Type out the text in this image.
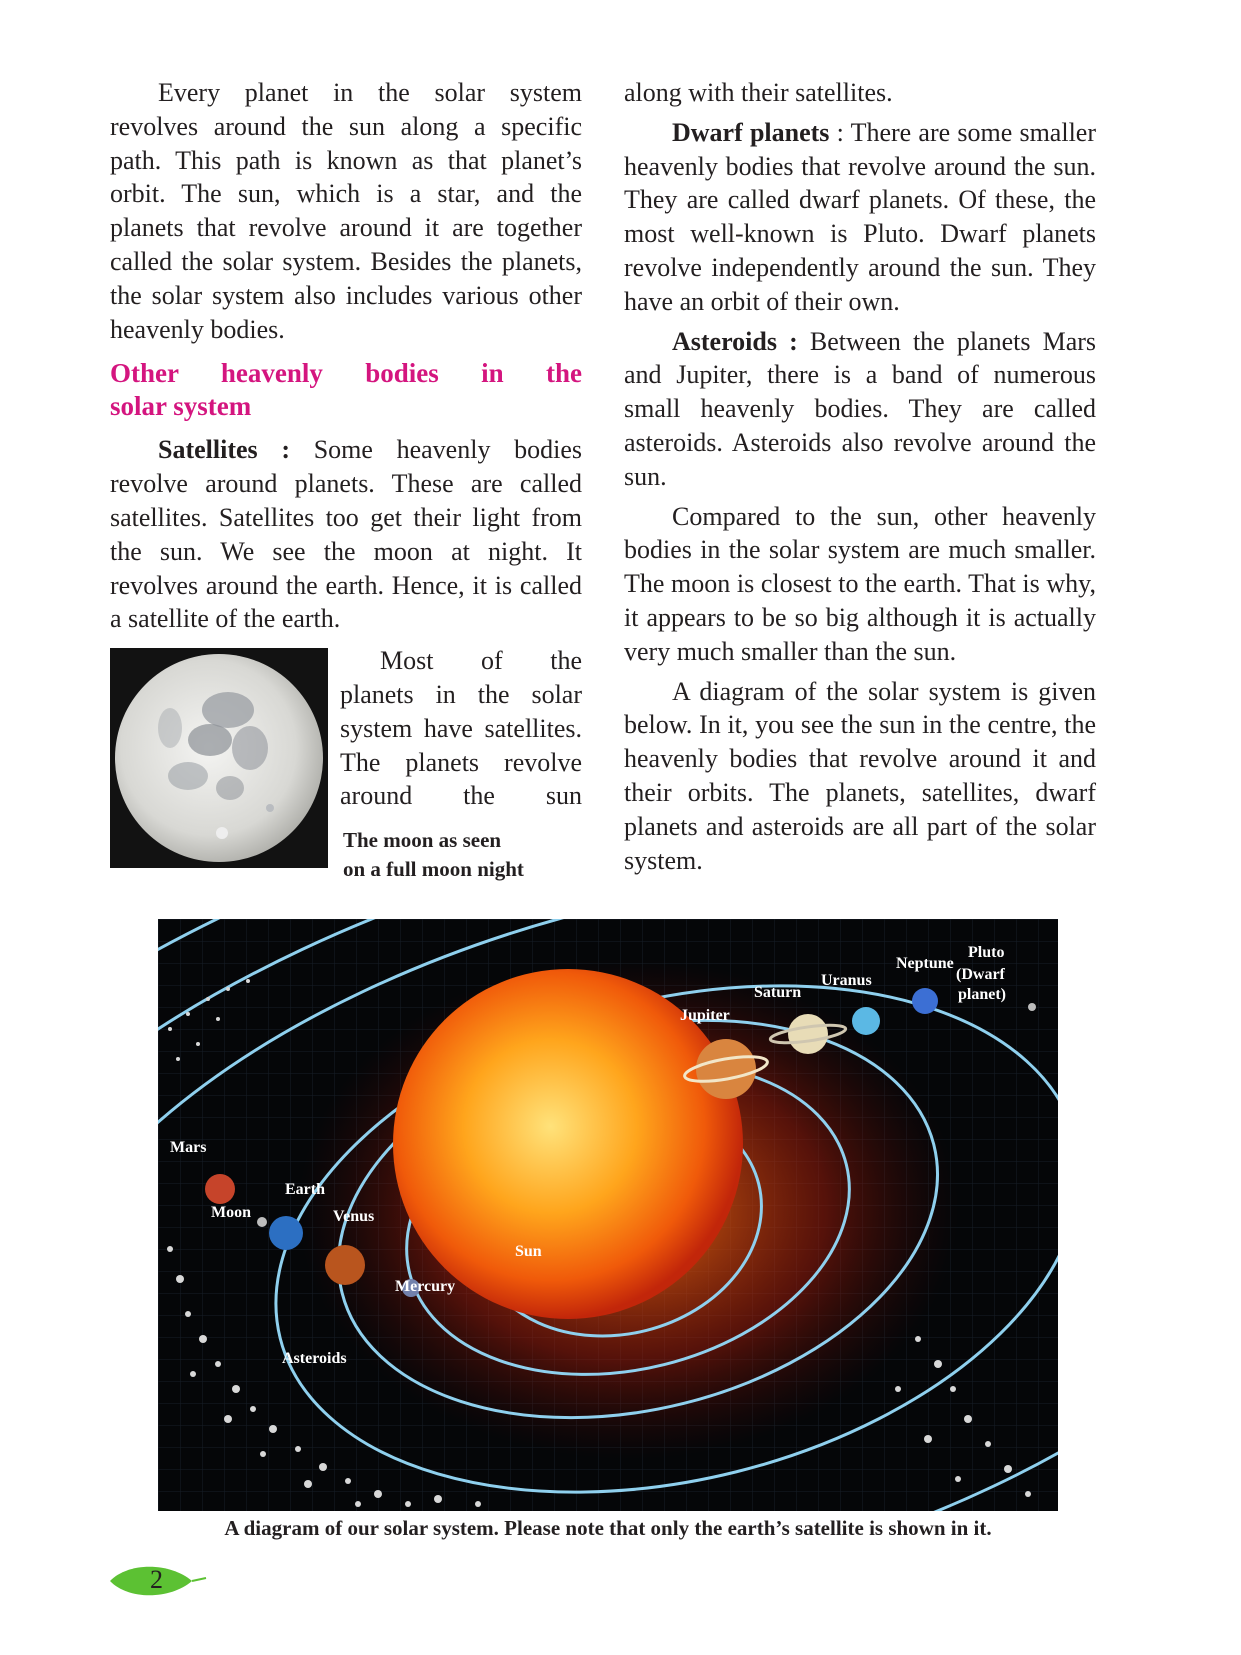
Every planet in the solar system revolves around the sun along a specific path. This path is known as that planet’s orbit. The sun, which is a star, and the planets that revolve around it are together called the solar system. Besides the planets, the solar system also includes various other heavenly bodies.

Other heavenly bodies in the
solar system

Satellites : Some heavenly bodies revolve around planets. These are called satellites. Satellites too get their light from the sun. We see the moon at night. It revolves around the earth. Hence, it is called a satellite of the earth.

Most of the

planets in the solar

system have satellites.

The planets revolve

around the sun

The moon as seen
on a full moon night

along with their satellites.

Dwarf planets : There are some smaller heavenly bodies that revolve around the sun. They are called dwarf planets. Of these, the most well-known is Pluto. Dwarf planets revolve independently around the sun. They have an orbit of their own.

Asteroids : Between the planets Mars and Jupiter, there is a band of numerous small heavenly bodies. They are called asteroids. Asteroids also revolve around the sun.

Compared to the sun, other heavenly bodies in the solar system are much smaller. The moon is closest to the earth. That is why, it appears to be so big although it is actually very much smaller than the sun.

A diagram of the solar system is given below. In it, you see the sun in the centre, the heavenly bodies that revolve around it and their orbits. The planets, satellites, dwarf planets and asteroids are all part of the solar system.

Pluto
(Dwarf
planet)
Neptune
Uranus
Saturn
Jupiter
Mars
Earth
Moon	Venus
Sun
Mercury
Asteroids
A diagram of our solar system. Please note that only the earth’s satellite is shown in it.
2
